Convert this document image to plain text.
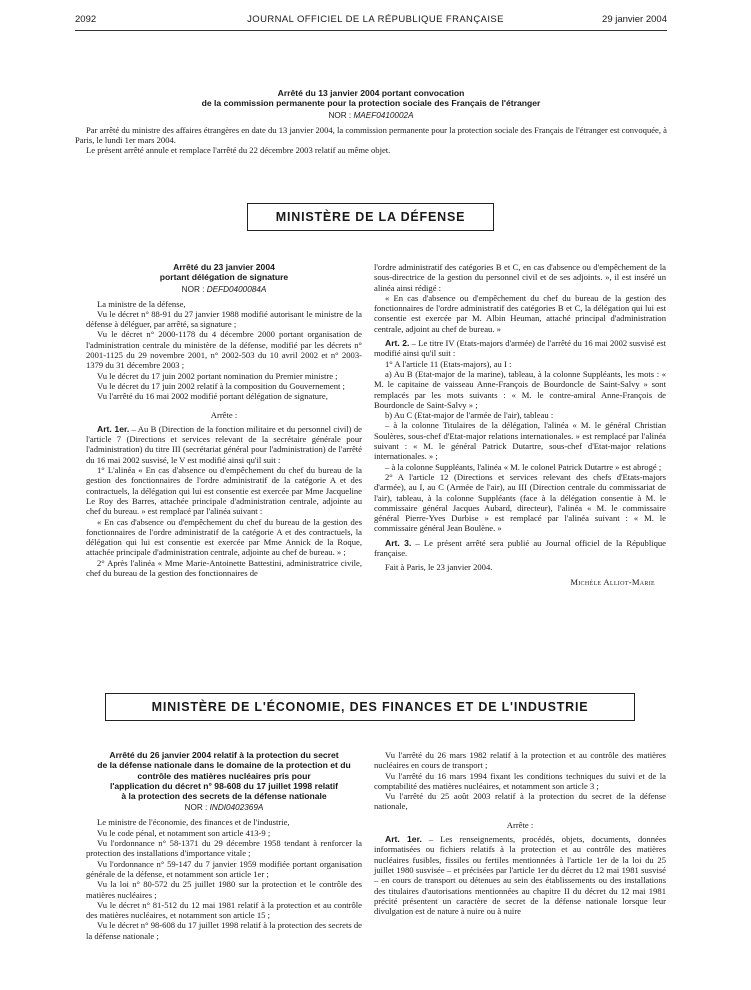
2092	JOURNAL OFFICIEL DE LA RÉPUBLIQUE FRANÇAISE	29 janvier 2004

Arrêté du 13 janvier 2004 portant convocation

de la commission permanente pour la protection sociale des Français de l'étranger

NOR : MAEF0410002A

Par arrêté du ministre des affaires étrangères en date du 13 janvier 2004, la commission permanente pour la protection sociale des Français de l'étranger est convoquée, à Paris, le lundi 1er mars 2004.

Le présent arrêté annule et remplace l'arrêté du 22 décembre 2003 relatif au même objet.

MINISTÈRE DE LA DÉFENSE

Arrêté du 23 janvier 2004

portant délégation de signature

NOR : DEFD0400084A

La ministre de la défense,

Vu le décret n° 88-91 du 27 janvier 1988 modifié autorisant le ministre de la défense à déléguer, par arrêté, sa signature ;

Vu le décret n° 2000-1178 du 4 décembre 2000 portant organisation de l'administration centrale du ministère de la défense, modifié par les décrets n° 2001-1125 du 29 novembre 2001, n° 2002-503 du 10 avril 2002 et n° 2003-1379 du 31 décembre 2003 ;

Vu le décret du 17 juin 2002 portant nomination du Premier ministre ;

Vu le décret du 17 juin 2002 relatif à la composition du Gouvernement ;

Vu l'arrêté du 16 mai 2002 modifié portant délégation de signature,

Arrête :

Art. 1er. – Au B (Direction de la fonction militaire et du personnel civil) de l'article 7 (Directions et services relevant de la secrétaire générale pour l'administration) du titre III (secrétariat général pour l'administration) de l'arrêté du 16 mai 2002 susvisé, le V est modifié ainsi qu'il suit :

1° L'alinéa « En cas d'absence ou d'empêchement du chef du bureau de la gestion des fonctionnaires de l'ordre administratif de la catégorie A et des contractuels, la délégation qui lui est consentie est exercée par Mme Jacqueline Le Roy des Barres, attachée principale d'administration centrale, adjointe au chef du bureau. » est remplacé par l'alinéa suivant :

« En cas d'absence ou d'empêchement du chef du bureau de la gestion des fonctionnaires de l'ordre administratif de la catégorie A et des contractuels, la délégation qui lui est consentie est exercée par Mme Annick de la Roque, attachée principale d'administration centrale, adjointe au chef de bureau. » ;

2° Après l'alinéa « Mme Marie-Antoinette Battestini, administratrice civile, chef du bureau de la gestion des fonctionnaires de

l'ordre administratif des catégories B et C, en cas d'absence ou d'empêchement de la sous-directrice de la gestion du personnel civil et de ses adjoints. », il est inséré un alinéa ainsi rédigé :

« En cas d'absence ou d'empêchement du chef du bureau de la gestion des fonctionnaires de l'ordre administratif des catégories B et C, la délégation qui lui est consentie est exercée par M. Albin Heuman, attaché principal d'administration centrale, adjoint au chef de bureau. »

Art. 2. – Le titre IV (Etats-majors d'armée) de l'arrêté du 16 mai 2002 susvisé est modifié ainsi qu'il suit :

1° A l'article 11 (Etats-majors), au I :

a) Au B (Etat-major de la marine), tableau, à la colonne Suppléants, les mots : « M. le capitaine de vaisseau Anne-François de Bourdoncle de Saint-Salvy » sont remplacés par les mots suivants : « M. le contre-amiral Anne-François de Bourdoncle de Saint-Salvy » ;

b) Au C (Etat-major de l'armée de l'air), tableau :

– à la colonne Titulaires de la délégation, l'alinéa « M. le général Christian Soulères, sous-chef d'Etat-major relations internationales. » est remplacé par l'alinéa suivant : « M. le général Patrick Dutartre, sous-chef d'Etat-major relations internationales. » ;

– à la colonne Suppléants, l'alinéa « M. le colonel Patrick Dutartre » est abrogé ;

2° A l'article 12 (Directions et services relevant des chefs d'Etats-majors d'armée), au I, au C (Armée de l'air), au III (Direction centrale du commissariat de l'air), tableau, à la colonne Suppléants (face à la délégation consentie à M. le commissaire général Jacques Aubard, directeur), l'alinéa « M. le commissaire général Pierre-Yves Durbise » est remplacé par l'alinéa suivant : « M. le commissaire général Jean Boulène. »

Art. 3. – Le présent arrêté sera publié au Journal officiel de la République française.

Fait à Paris, le 23 janvier 2004.

Michèle Alliot-Marie

MINISTÈRE DE L'ÉCONOMIE, DES FINANCES ET DE L'INDUSTRIE

Arrêté du 26 janvier 2004 relatif à la protection du secret

de la défense nationale dans le domaine de la protection et du contrôle des matières nucléaires pris pour

l'application du décret n° 98-608 du 17 juillet 1998 relatif

à la protection des secrets de la défense nationale

NOR : INDI0402369A

Le ministre de l'économie, des finances et de l'industrie,

Vu le code pénal, et notamment son article 413-9 ;

Vu l'ordonnance n° 58-1371 du 29 décembre 1958 tendant à renforcer la protection des installations d'importance vitale ;

Vu l'ordonnance n° 59-147 du 7 janvier 1959 modifiée portant organisation générale de la défense, et notamment son article 1er ;

Vu la loi n° 80-572 du 25 juillet 1980 sur la protection et le contrôle des matières nucléaires ;

Vu le décret n° 81-512 du 12 mai 1981 relatif à la protection et au contrôle des matières nucléaires, et notamment son article 15 ;

Vu le décret n° 98-608 du 17 juillet 1998 relatif à la protection des secrets de la défense nationale ;

Vu l'arrêté du 26 mars 1982 relatif à la protection et au contrôle des matières nucléaires en cours de transport ;

Vu l'arrêté du 16 mars 1994 fixant les conditions techniques du suivi et de la comptabilité des matières nucléaires, et notamment son article 3 ;

Vu l'arrêté du 25 août 2003 relatif à la protection du secret de la défense nationale,

Arrête :

Art. 1er. – Les renseignements, procédés, objets, documents, données informatisées ou fichiers relatifs à la protection et au contrôle des matières nucléaires fusibles, fissiles ou fertiles mentionnées à l'article 1er de la loi du 25 juillet 1980 susvisée – et précisées par l'article 1er du décret du 12 mai 1981 susvisé – en cours de transport ou détenues au sein des établissements ou des installations des titulaires d'autorisations mentionnées au chapitre II du décret du 12 mai 1981 précité présentent un caractère de secret de la défense nationale lorsque leur divulgation est de nature à nuire ou à nuire
